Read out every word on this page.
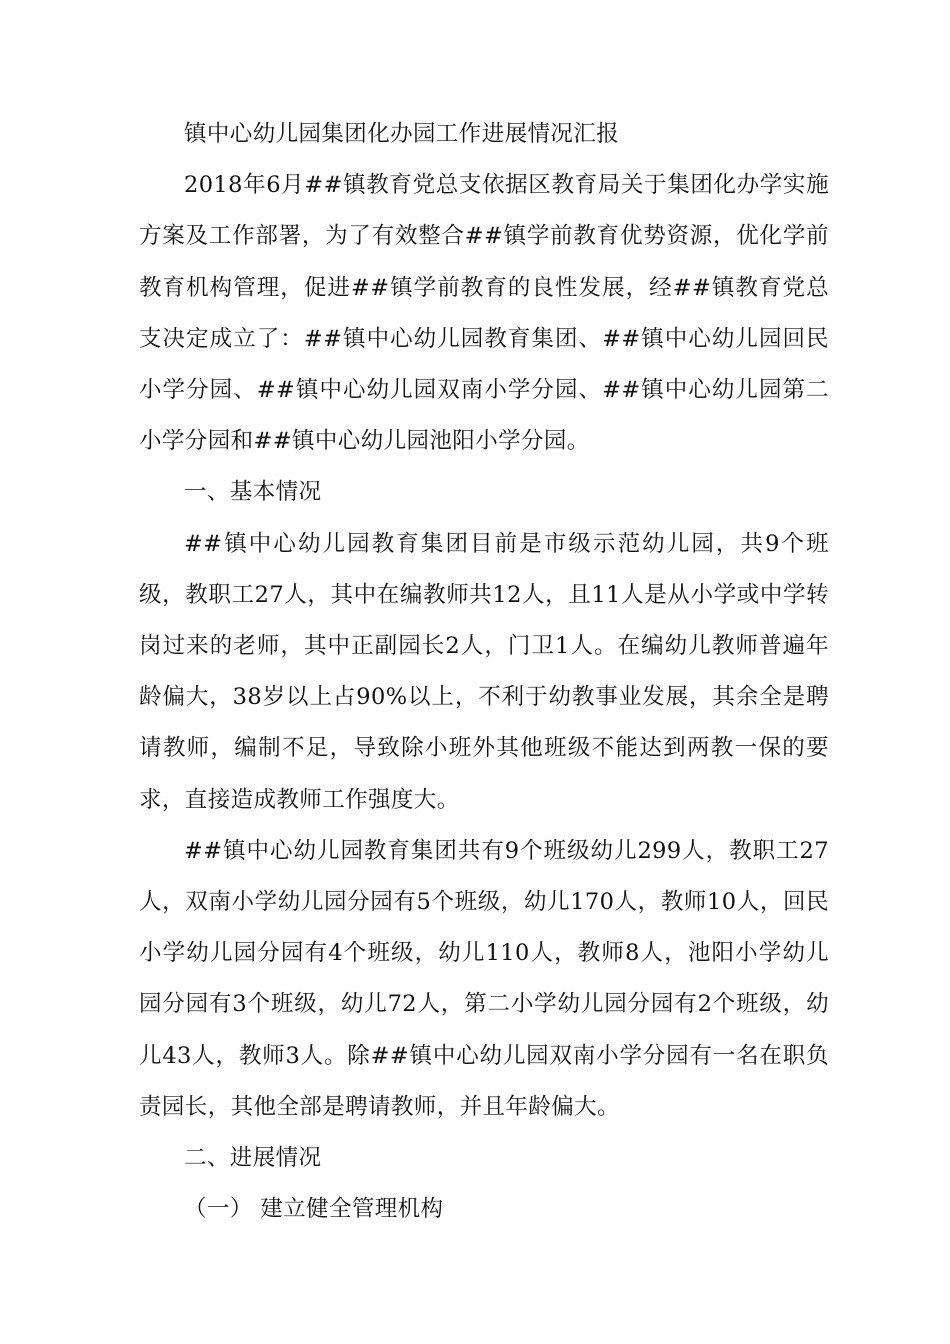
镇中心幼儿园集团化办园工作进展情况汇报

2018年6月##镇教育党总支依据区教育局关于集团化办学实施方案及工作部署，为了有效整合##镇学前教育优势资源，优化学前教育机构管理，促进##镇学前教育的良性发展，经##镇教育党总支决定成立了：##镇中心幼儿园教育集团、##镇中心幼儿园回民小学分园、##镇中心幼儿园双南小学分园、##镇中心幼儿园第二小学分园和##镇中心幼儿园池阳小学分园。

一、基本情况

##镇中心幼儿园教育集团目前是市级示范幼儿园，共9个班级，教职工27人，其中在编教师共12人，且11人是从小学或中学转岗过来的老师，其中正副园长2人，门卫1人。在编幼儿教师普遍年龄偏大，38岁以上占90%以上，不利于幼教事业发展，其余全是聘请教师，编制不足，导致除小班外其他班级不能达到两教一保的要求，直接造成教师工作强度大。

##镇中心幼儿园教育集团共有9个班级幼儿299人，教职工27人，双南小学幼儿园分园有5个班级，幼儿170人，教师10人，回民小学幼儿园分园有4个班级，幼儿110人，教师8人，池阳小学幼儿园分园有3个班级，幼儿72人，第二小学幼儿园分园有2个班级，幼儿43人，教师3人。除##镇中心幼儿园双南小学分园有一名在职负责园长，其他全部是聘请教师，并且年龄偏大。

二、进展情况

（一） 建立健全管理机构
